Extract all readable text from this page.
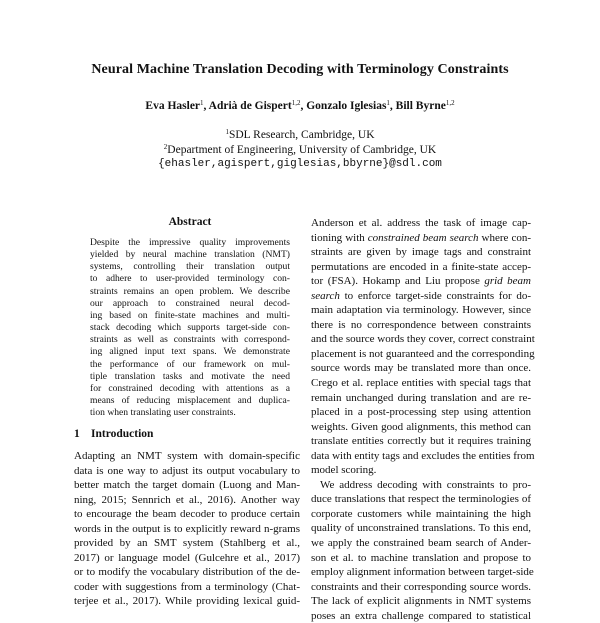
Neural Machine Translation Decoding with Terminology Constraints
Eva Hasler$^1$, Adrià de Gispert$^{1,2}$, Gonzalo Iglesias$^1$, Bill Byrne$^{1,2}$
$^1$SDL Research, Cambridge, UK
$^2$Department of Engineering, University of Cambridge, UK
{ehasler,agispert,giglesias,bbyrne}@sdl.com
Abstract
Despite the impressive quality improvements
yielded by neural machine translation (NMT)
systems, controlling their translation output
to adhere to user-provided terminology con-
straints remains an open problem. We describe
our approach to constrained neural decod-
ing based on finite-state machines and multi-
stack decoding which supports target-side con-
straints as well as constraints with correspond-
ing aligned input text spans. We demonstrate
the performance of our framework on mul-
tiple translation tasks and motivate the need
for constrained decoding with attentions as a
means of reducing misplacement and duplica-
tion when translating user constraints.
1 Introduction
Adapting an NMT system with domain-specific
data is one way to adjust its output vocabulary to
better match the target domain (Luong and Man-
ning, 2015; Sennrich et al., 2016). Another way
to encourage the beam decoder to produce certain
words in the output is to explicitly reward n-grams
provided by an SMT system (Stahlberg et al.,
2017) or language model (Gulcehre et al., 2017)
or to modify the vocabulary distribution of the de-
coder with suggestions from a terminology (Chat-
terjee et al., 2017). While providing lexical guid-
Anderson et al. address the task of image cap-
tioning with constrained beam search where con-
straints are given by image tags and constraint
permutations are encoded in a finite-state accep-
tor (FSA). Hokamp and Liu propose grid beam
search to enforce target-side constraints for do-
main adaptation via terminology. However, since
there is no correspondence between constraints
and the source words they cover, correct constraint
placement is not guaranteed and the corresponding
source words may be translated more than once.
Crego et al. replace entities with special tags that
remain unchanged during translation and are re-
placed in a post-processing step using attention
weights. Given good alignments, this method can
translate entities correctly but it requires training
data with entity tags and excludes the entities from
model scoring.
We address decoding with constraints to pro-
duce translations that respect the terminologies of
corporate customers while maintaining the high
quality of unconstrained translations. To this end,
we apply the constrained beam search of Ander-
son et al. to machine translation and propose to
employ alignment information between target-side
constraints and their corresponding source words.
The lack of explicit alignments in NMT systems
poses an extra challenge compared to statistical
